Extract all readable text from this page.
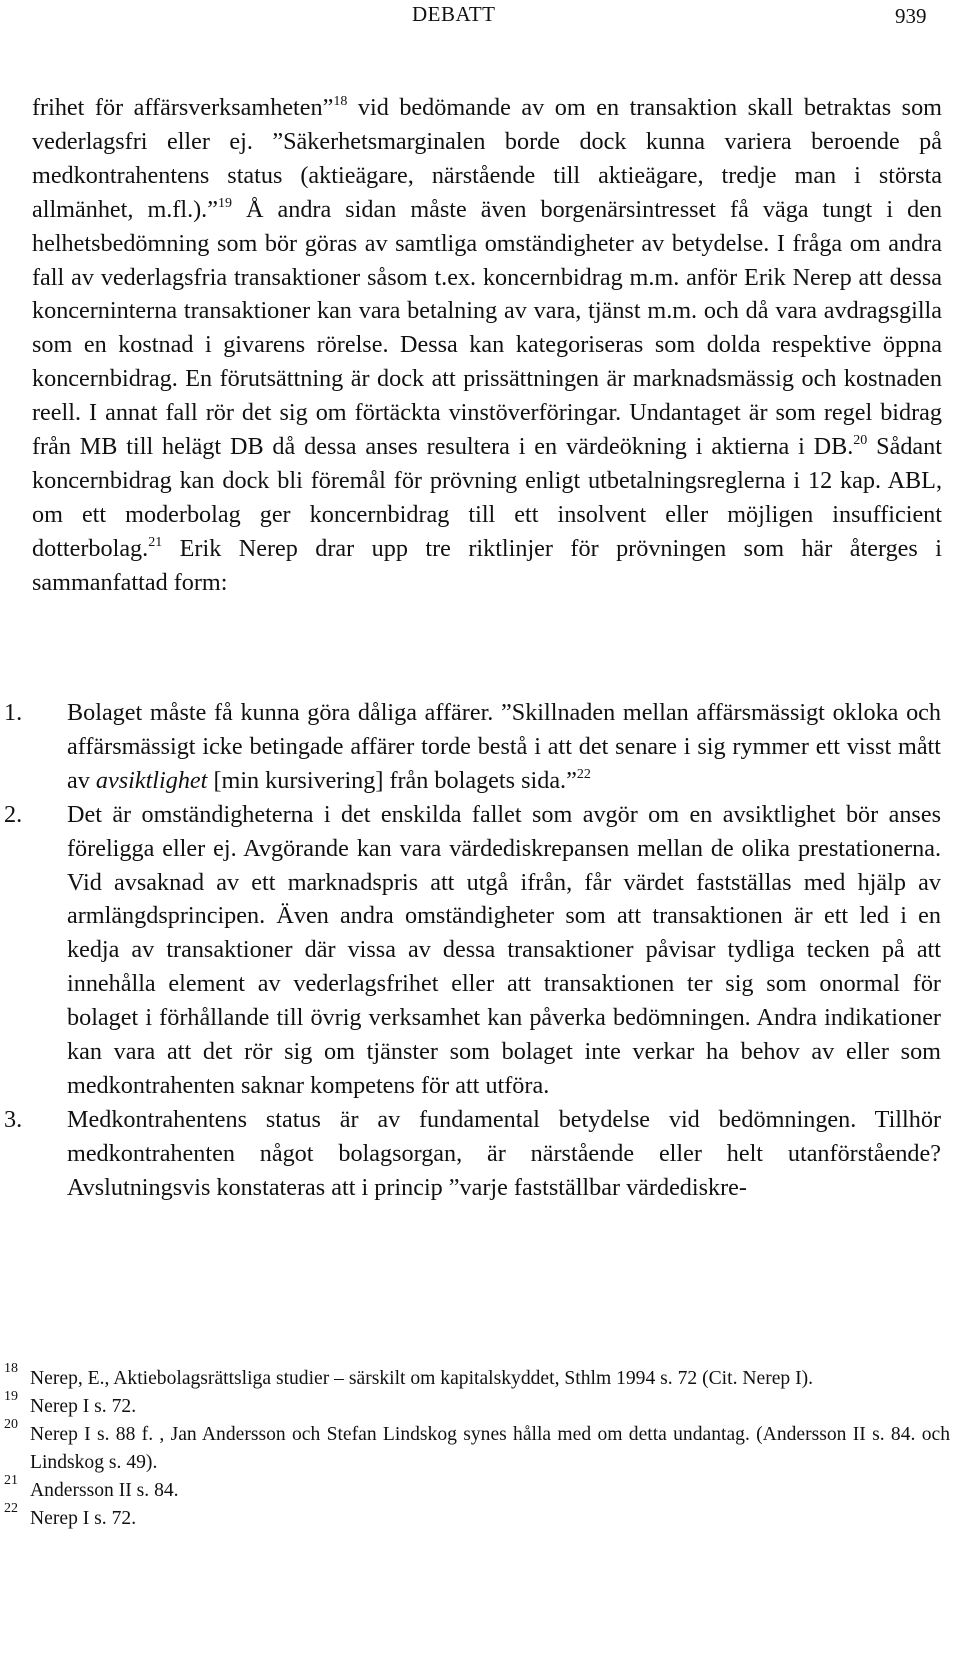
DEBATT	939

frihet för affärsverksamheten”$^{18}$ vid bedömande av om en transaktion skall betraktas som vederlagsfri eller ej. ”Säkerhetsmarginalen borde dock kunna variera beroende på medkontrahentens status (aktieägare, närstående till aktieägare, tredje man i största allmänhet, m.fl.).”$^{19}$ Å andra sidan måste även borgenärsintresset få väga tungt i den helhetsbedömning som bör göras av samtliga omständigheter av betydelse. I fråga om andra fall av vederlagsfria transaktioner såsom t.ex. koncernbidrag m.m. anför Erik Nerep att dessa koncerninterna transaktioner kan vara betalning av vara, tjänst m.m. och då vara avdragsgilla som en kostnad i givarens rörelse. Dessa kan kategoriseras som dolda respektive öppna koncernbidrag. En förutsättning är dock att prissättningen är marknadsmässig och kostnaden reell. I annat fall rör det sig om förtäckta vinstöverföringar. Undantaget är som regel bidrag från MB till helägt DB då dessa anses resultera i en värdeökning i aktierna i DB.$^{20}$ Sådant koncernbidrag kan dock bli föremål för prövning enligt utbetalningsreglerna i 12 kap. ABL, om ett moderbolag ger koncernbidrag till ett insolvent eller möjligen insufficient dotterbolag.$^{21}$ Erik Nerep drar upp tre riktlinjer för prövningen som här återges i sammanfattad form:

1. Bolaget måste få kunna göra dåliga affärer. ”Skillnaden mellan affärsmässigt okloka och affärsmässigt icke betingade affärer torde bestå i att det senare i sig rymmer ett visst mått av avsiktlighet [min kursivering] från bolagets sida.”$^{22}$
2. Det är omständigheterna i det enskilda fallet som avgör om en avsiktlighet bör anses föreligga eller ej. Avgörande kan vara värdediskrepansen mellan de olika prestationerna. Vid avsaknad av ett marknadspris att utgå ifrån, får värdet fastställas med hjälp av armlängdsprincipen. Även andra omständigheter som att transaktionen är ett led i en kedja av transaktioner där vissa av dessa transaktioner påvisar tydliga tecken på att innehålla element av vederlagsfrihet eller att transaktionen ter sig som onormal för bolaget i förhållande till övrig verksamhet kan påverka bedömningen. Andra indikationer kan vara att det rör sig om tjänster som bolaget inte verkar ha behov av eller som medkontrahenten saknar kompetens för att utföra.
3. Medkontrahentens status är av fundamental betydelse vid bedömningen. Tillhör medkontrahenten något bolagsorgan, är närstående eller helt utanförstående? Avslutningsvis konstateras att i princip ”varje fastställbar värdediskre-
18 Nerep, E., Aktiebolagsrättsliga studier – särskilt om kapitalskyddet, Sthlm 1994 s. 72 (Cit. Nerep I).
19 Nerep I s. 72.
20 Nerep I s. 88 f. , Jan Andersson och Stefan Lindskog synes hålla med om detta undantag. (Andersson II s. 84. och Lindskog s. 49).
21 Andersson II s. 84.
22 Nerep I s. 72.
